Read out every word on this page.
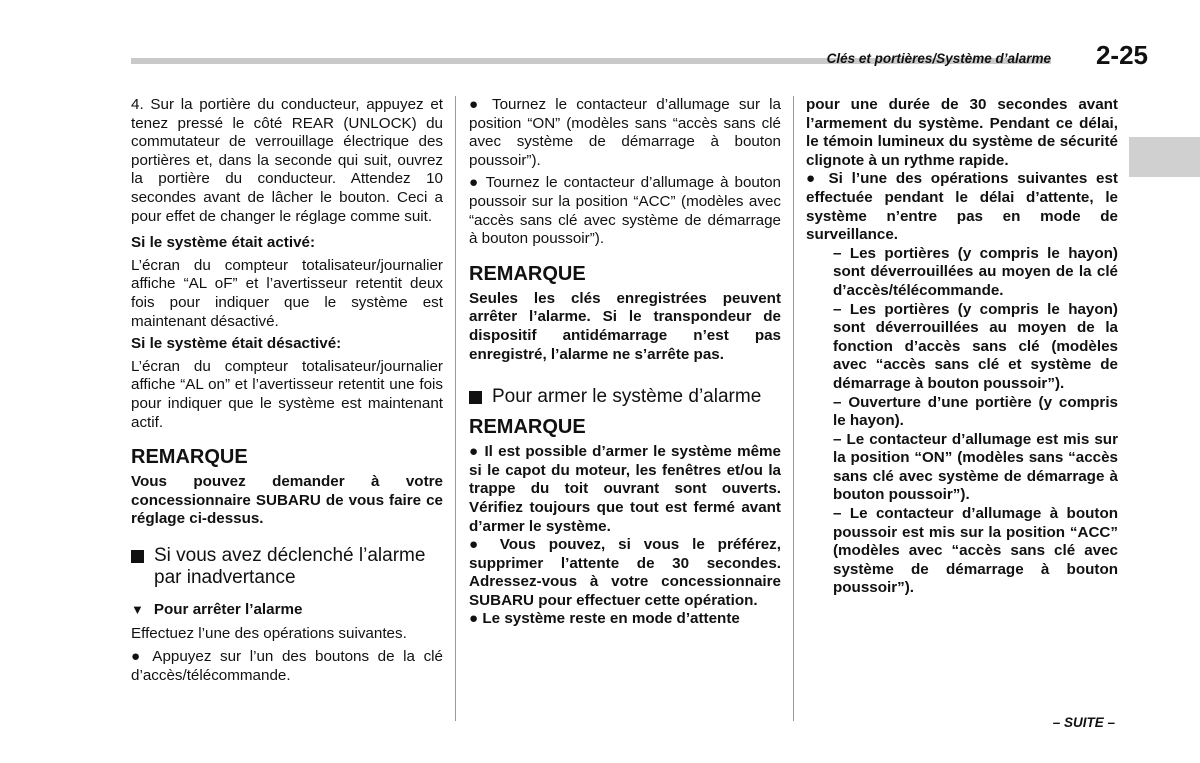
Clés et portières/Système d’alarme 2-25

4. Sur la portière du conducteur, appuyez et tenez pressé le côté REAR (UNLOCK) du commutateur de verrouillage électrique des portières et, dans la seconde qui suit, ouvrez la portière du conducteur. Attendez 10 secondes avant de lâcher le bouton. Ceci a pour effet de changer le réglage comme suit.

Si le système était activé:

L’écran du compteur totalisateur/journalier affiche “AL oF” et l’avertisseur retentit deux fois pour indiquer que le système est maintenant désactivé.

Si le système était désactivé:

L’écran du compteur totalisateur/journalier affiche “AL on” et l’avertisseur retentit une fois pour indiquer que le système est maintenant actif.

REMARQUE

Vous pouvez demander à votre concessionnaire SUBARU de vous faire ce réglage ci-dessus.

Si vous avez déclenché l’alarme par inadvertance
▼ Pour arrêter l’alarme

Effectuez l’une des opérations suivantes.

● Appuyez sur l’un des boutons de la clé d’accès/télécommande.

● Tournez le contacteur d’allumage sur la position “ON” (modèles sans “accès sans clé avec système de démarrage à bouton poussoir”).

● Tournez le contacteur d’allumage à bouton poussoir sur la position “ACC” (modèles avec “accès sans clé avec système de démarrage à bouton poussoir”).

REMARQUE

Seules les clés enregistrées peuvent arrêter l’alarme. Si le transpondeur de dispositif antidémarrage n’est pas enregistré, l’alarme ne s’arrête pas.

Pour armer le système d’alarme
REMARQUE

● Il est possible d’armer le système même si le capot du moteur, les fenêtres et/ou la trappe du toit ouvrant sont ouverts. Vérifiez toujours que tout est fermé avant d’armer le système.

● Vous pouvez, si vous le préférez, supprimer l’attente de 30 secondes. Adressez-vous à votre concessionnaire SUBARU pour effectuer cette opération.

● Le système reste en mode d’attente

pour une durée de 30 secondes avant l’armement du système. Pendant ce délai, le témoin lumineux du système de sécurité clignote à un rythme rapide.

● Si l’une des opérations suivantes est effectuée pendant le délai d’attente, le système n’entre pas en mode de surveillance.

– Les portières (y compris le hayon) sont déverrouillées au moyen de la clé d’accès/télécommande.

– Les portières (y compris le hayon) sont déverrouillées au moyen de la fonction d’accès sans clé (modèles avec “accès sans clé et système de démarrage à bouton poussoir”).

– Ouverture d’une portière (y compris le hayon).

– Le contacteur d’allumage est mis sur la position “ON” (modèles sans “accès sans clé avec système de démarrage à bouton poussoir”).

– Le contacteur d’allumage à bouton poussoir est mis sur la position “ACC” (modèles avec “accès sans clé avec système de démarrage à bouton poussoir”).

– SUITE –
